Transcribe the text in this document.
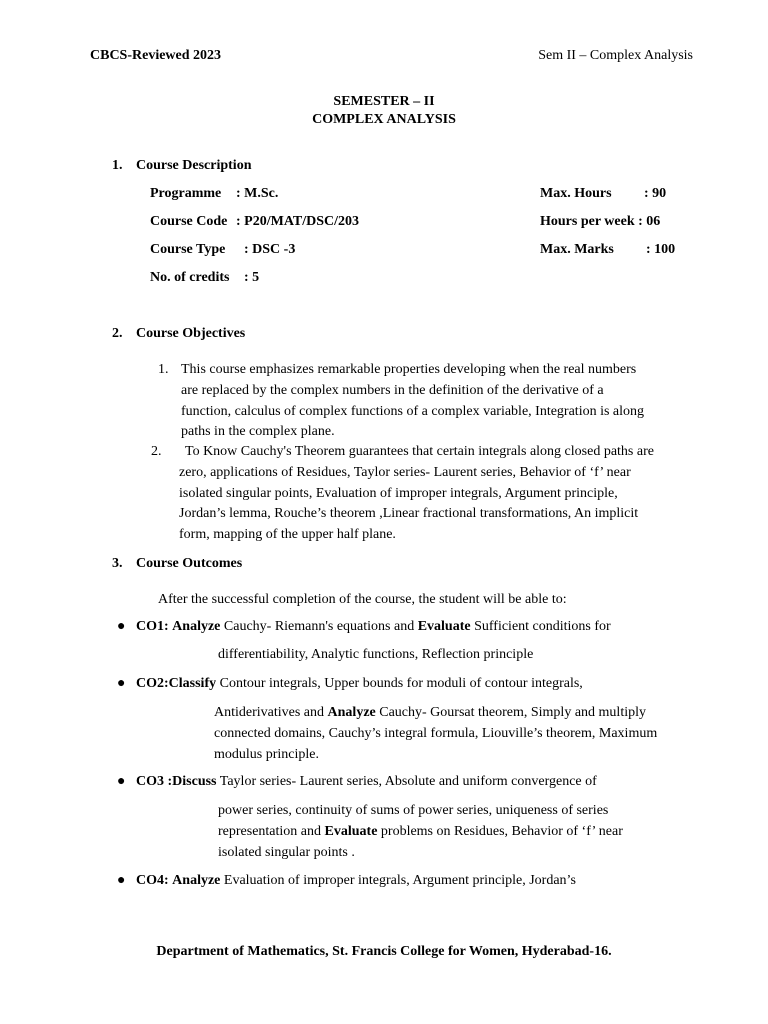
CBCS-Reviewed 2023	Sem II – Complex Analysis
SEMESTER – II
COMPLEX ANALYSIS
1. Course Description
Programme : M.Sc.
Course Code : P20/MAT/DSC/203
Course Type : DSC -3
No. of credits : 5
Max. Hours : 90
Hours per week : 06
Max. Marks : 100
2. Course Objectives
1. This course emphasizes remarkable properties developing when the real numbers
are replaced by the complex numbers in the definition of the derivative of a
function, calculus of complex functions of a complex variable, Integration is along
paths in the complex plane.
2. To Know Cauchy's Theorem guarantees that certain integrals along closed paths are
zero, applications of Residues, Taylor series- Laurent series, Behavior of ‘f’ near
isolated singular points, Evaluation of improper integrals, Argument principle,
Jordan’s lemma, Rouche’s theorem ,Linear fractional transformations, An implicit
form, mapping of the upper half plane.
3. Course Outcomes
After the successful completion of the course, the student will be able to:
● CO1: Analyze Cauchy- Riemann's equations and Evaluate Sufficient conditions for
differentiability, Analytic functions, Reflection principle
● CO2:Classify Contour integrals, Upper bounds for moduli of contour integrals,
Antiderivatives and Analyze Cauchy- Goursat theorem, Simply and multiply
connected domains, Cauchy’s integral formula, Liouville’s theorem, Maximum
modulus principle.
● CO3 :Discuss Taylor series- Laurent series, Absolute and uniform convergence of
power series, continuity of sums of power series, uniqueness of series
representation and Evaluate problems on Residues, Behavior of ‘f’ near
isolated singular points .
● CO4: Analyze Evaluation of improper integrals, Argument principle, Jordan’s
Department of Mathematics, St. Francis College for Women, Hyderabad-16.
